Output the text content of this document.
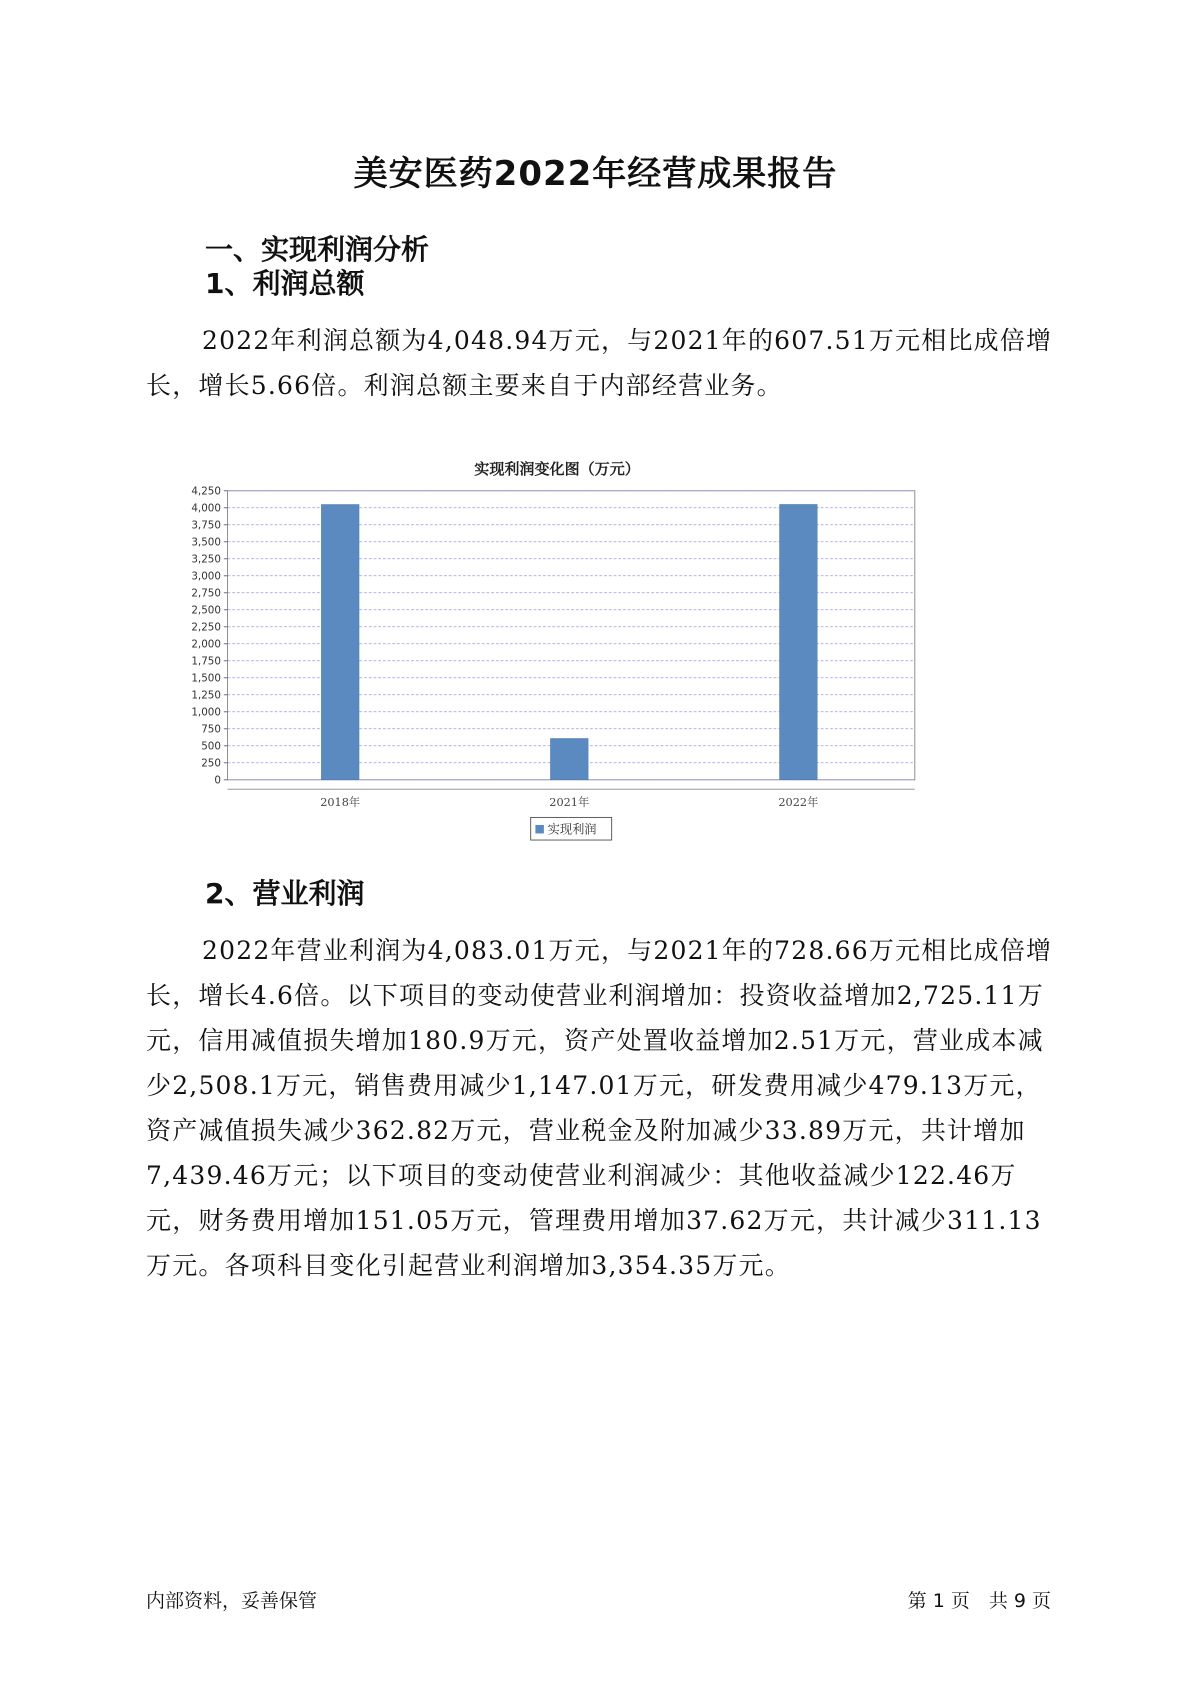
美安医药2022年经营成果报告
一、实现利润分析
1、利润总额

2022年利润总额为4,048.94万元，与2021年的607.51万元相比成倍增长，增长5.66倍。利润总额主要来自于内部经营业务。

实现利润变化图（万元）
0
250
500
750
1,000
1,250
1,500
1,750
2,000
2,250
2,500
2,750
3,000
3,250
3,500
3,750
4,000
4,250
2018年	2021年	2022年
实现利润
2、营业利润

2022年营业利润为4,083.01万元，与2021年的728.66万元相比成倍增长，增长4.6倍。以下项目的变动使营业利润增加：投资收益增加2,725.11万元，信用减值损失增加180.9万元，资产处置收益增加2.51万元，营业成本减少2,508.1万元，销售费用减少1,147.01万元，研发费用减少479.13万元，资产减值损失减少362.82万元，营业税金及附加减少33.89万元，共计增加7,439.46万元；以下项目的变动使营业利润减少：其他收益减少122.46万元，财务费用增加151.05万元，管理费用增加37.62万元，共计减少311.13万元。各项科目变化引起营业利润增加3,354.35万元。

内部资料，妥善保管	第 1 页　共 9 页
